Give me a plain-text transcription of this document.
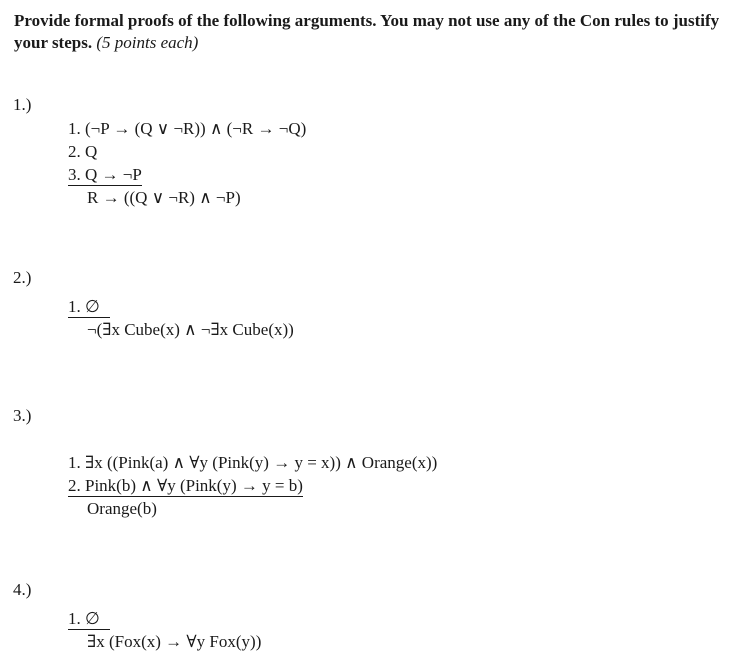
Provide formal proofs of the following arguments. You may not use any of the Con rules to justify your steps. (5 points each)
1.)
1. (¬P → (Q ∨ ¬R)) ∧ (¬R → ¬Q)
2. Q
3. Q → ¬P
R → ((Q ∨ ¬R) ∧ ¬P)
2.)
1. ∅
¬(∃x Cube(x) ∧ ¬∃x Cube(x))
3.)
1. ∃x ((Pink(a) ∧ ∀y (Pink(y) → y = x)) ∧ Orange(x))
2. Pink(b) ∧ ∀y (Pink(y) → y = b)
Orange(b)
4.)
1. ∅
∃x (Fox(x) → ∀y Fox(y))
